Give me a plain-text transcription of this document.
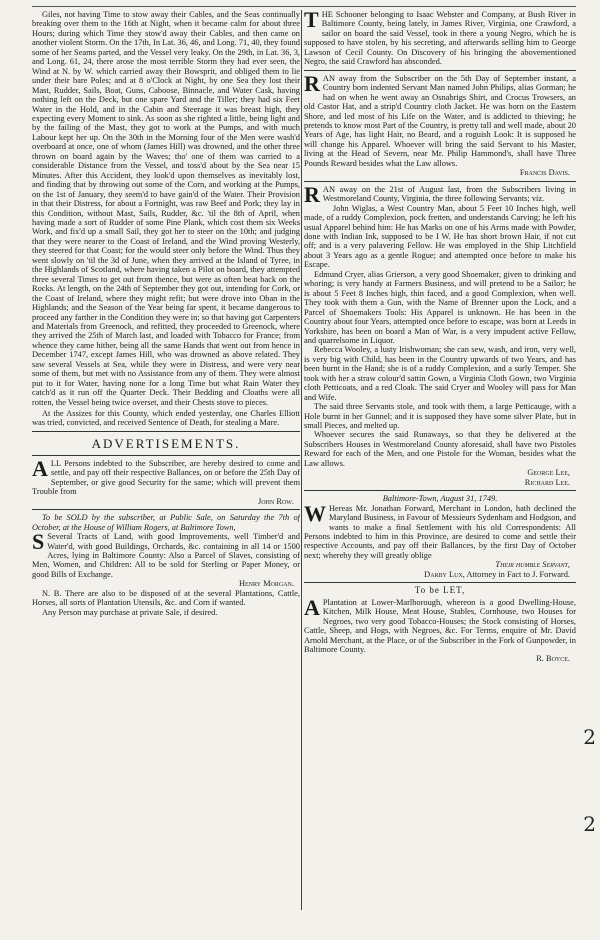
Giles, not having Time to stow away their Cables, and the Seas continually breaking over them to the 16th at Night, when it became calm for about three Hours; during which Time they stow'd away their Cables, and then came on another violent Storm. On the 17th, In Lat. 36, 46, and Long. 71, 40, they found some of her Seams parted, and the Vessel very leaky. On the 29th, in Lat. 36, 3, and Long. 61, 24, there arose the most terrible Storm they had ever seen, the Wind at N. by W. which carried away their Bowsprit, and obliged them to lie under their bare Poles; and at 8 o'Clock at Night, by one Sea they lost their Mast, Rudder, Sails, Boat, Guns, Caboose, Binnacle, and Water Cask, having nothing left on the Deck, but one spare Yard and the Tiller; they had six Feet Water in the Hold, and in the Cabin and Steerage it was breast high, they expecting every Moment to sink. As soon as she righted a little, being light and by the failing of the Mast, they got to work at the Pumps, and with much Labour kept her up. On the 30th in the Morning four of the Men were wash'd overboard at once, one of whom (James Hill) was drowned, and the other three thrown on board again by the Waves; tho' one of them was carried to a considerable Distance from the Vessel, and toss'd about by the Sea near 15 Minutes. After this Accident, they look'd upon themselves as inevitably lost, and finding that by throwing out some of the Corn, and working at the Pumps, on the 1st of January, they seem'd to have gain'd of the Water. Their Provision in that their Distress, for about a Fortnight, was raw Beef and Pork; they lay in this Condition, without Mast, Sails, Rudder, &c. 'til the 8th of April, when having made a sort of Rudder of some Pine Plank, which cost them six Weeks Work, and fix'd up a small Sail, they got her to steer on the 10th; and judging that they were nearer to the Coast of Ireland, and the Wind proving Westerly, they steered for that Coast; for the would steer only before the Wind. Thus they went slowly on 'til the 3d of June, when they arrived at the Island of Tyree, in the Highlands of Scotland, where having taken a Pilot on board, they attempted three several Times to get out from thence, but were as often beat back on the Rocks. At length, on the 24th of September they got out, intending for Cork, or the Coast of Ireland, where they might refit; but were drove into Oban in the Highlands; and the Season of the Year being far spent, it became dangerous to proceed any farther in the Condition they were in; so that having got Carpenters and Materials from Greenock, and refitted, they proceeded to Greenock, where they arrived the 25th of March last, and loaded with Tobacco for France; from whence they came hither, being all the same Hands that went out from hence in December 1747, except James Hill, who was drowned as above related. They saw several Vessels at Sea, while they were in Distress, and were very near some of them, but met with no Assistance from any of them. They were almost put to it for Water, having none for a long Time but what Rain Water they catch'd as it run off the Quarter Deck. Their Bedding and Cloaths were all rotten, the Vessel being twice overset, and their Chests stove to pieces.

At the Assizes for this County, which ended yesterday, one Charles Elliott was tried, convicted, and received Sentence of Death, for stealing a Mare.

ADVERTISEMENTS.

ALL Persons indebted to the Subscriber, are hereby desired to come and settle, and pay off their respective Ballances, on or before the 25th Day of September, or give good Security for the same; which will prevent them Trouble from

John Row.

To be SOLD by the subscriber, at Public Sale, on Saturday the 7th of October, at the House of William Rogers, at Baltimore Town,

S Several Tracts of Land, with good Improvements, well Timber'd and Water'd, with good Buildings, Orchards, &c. containing in all 14 or 1500 Acres, lying in Baltimore County: Also a Parcel of Slaves, consisting of Men, Women, and Children: All to be sold for Sterling or Paper Money, or good Bills of Exchange.

Henry Morgan.

N. B. There are also to be disposed of at the several Plantations, Cattle, Horses, all sorts of Plantation Utensils, &c. and Corn if wanted.

Any Person may purchase at private Sale, if desired.

THE Schooner belonging to Isaac Webster and Company, at Bush River in Baltimore County, being lately, in James River, Virginia, one Crawford, a sailor on board the said Vessel, took in there a young Negro, which he is supposed to have stolen, by his secreting, and afterwards selling him to George Lawson of Cecil County. On Discovery of his bringing the abovementioned Negro, the said Crawford has absconded.

RAN away from the Subscriber on the 5th Day of September instant, a Country born indented Servant Man named John Philips, alias Gorman; he had on when he went away an Osnabrigs Shirt, and Crocus Trowsers, an old Castor Hat, and a strip'd Country cloth Jacket. He was born on the Eastern Shore, and led most of his Life on the Water, and is addicted to thieving; he pretends to know most Part of the Country, is pretty tall and well made, about 20 Years of Age, has light Hair, no Beard, and a roguish Look: It is supposed he will change his Apparel. Whoever will bring the said Servant to his Master, living at the Head of Severn, near Mr. Philip Hammond's, shall have Three Pounds Reward besides what the Law allows.

Francis Davis.

RAN away on the 21st of August last, from the Subscribers living in Westmoreland County, Virginia, the three following Servants; viz.

John Wiglas, a West Country Man, about 5 Feet 10 Inches high, well made, of a ruddy Complexion, pock fretten, and understands Carving; he left his usual Apparel behind him: He has Marks on one of his Arms made with Powder, done with Indian Ink, supposed to be I W. He has short brown Hair, if not cut off; and is a very palavering Fellow. He was employed in the Ship Litchfield about 3 Years ago as a gentle Rogue; and attempted once before to make his Escape.

Edmund Cryer, alias Grierson, a very good Shoemaker, given to drinking and whoring; is very handy at Farmers Business, and will pretend to be a Sailor; he is about 5 Feet 8 Inches high, thin faced, and a good Complexion, when well. They took with them a Gun, with the Name of Brenner upon the Lock, and a Parcel of Shoemakers Tools: His Apparel is unknown. He has been in the Country about four Years, attempted once before to escape, was born at Leeds in Yorkshire, has been on board a Man of War, is a very impudent active Fellow, and quarrelsome in Liquor.

Rebecca Wooley, a lusty Irishwoman; she can sew, wash, and iron, very well, is very big with Child, has been in the Country upwards of two Years, and has been burnt in the Hand; she is of a ruddy Complexion, and a surly Temper. She took with her a straw colour'd sattin Gown, a Virginia Cloth Gown, two Virginia cloth Petticoats, and a red Cloak. The said Cryer and Wooley will pass for Man and Wife.

The said three Servants stole, and took with them, a large Petticauge, with a Hole burnt in her Gunnel; and it is supposed they have some silver Plate, but in small Pieces, and melted up.

Whoever secures the said Runaways, so that they be delivered at the Subscribers Houses in Westmoreland County aforesaid, shall have two Pistoles Reward for each of the Men, and one Pistole for the Woman, besides what the Law allows.

George Lee,

Richard Lee.

Baltimore-Town, August 31, 1749.

W Hereas Mr. Jonathan Forward, Merchant in London, hath declined the Maryland Business, in Favour of Messieurs Sydenham and Hodgson, and wants to make a final Settlement with his old Correspondents: All Persons indebted to him in this Province, are desired to come and settle their respective Accounts, and pay off their Ballances, by the first Day of October next; whereby they will greatly oblige

Their humble Servant,

Darby Lux, Attorney in Fact to J. Forward.

To be LET,

A Plantation at Lower-Marlborough, whereon is a good Dwelling-House, Kitchen, Milk House, Meat House, Stables, Cornhouse, two Houses for Negroes, two very good Tobacco-Houses; the Stock consisting of Horses, Cattle, Sheep, and Hogs, with Negroes, &c. For Terms, enquire of Mr. David Arnold Merchant, at the Place, or of the Subscriber in the Fork of Gunpowder, in Baltimore County.

R. Boyce.

2
2
